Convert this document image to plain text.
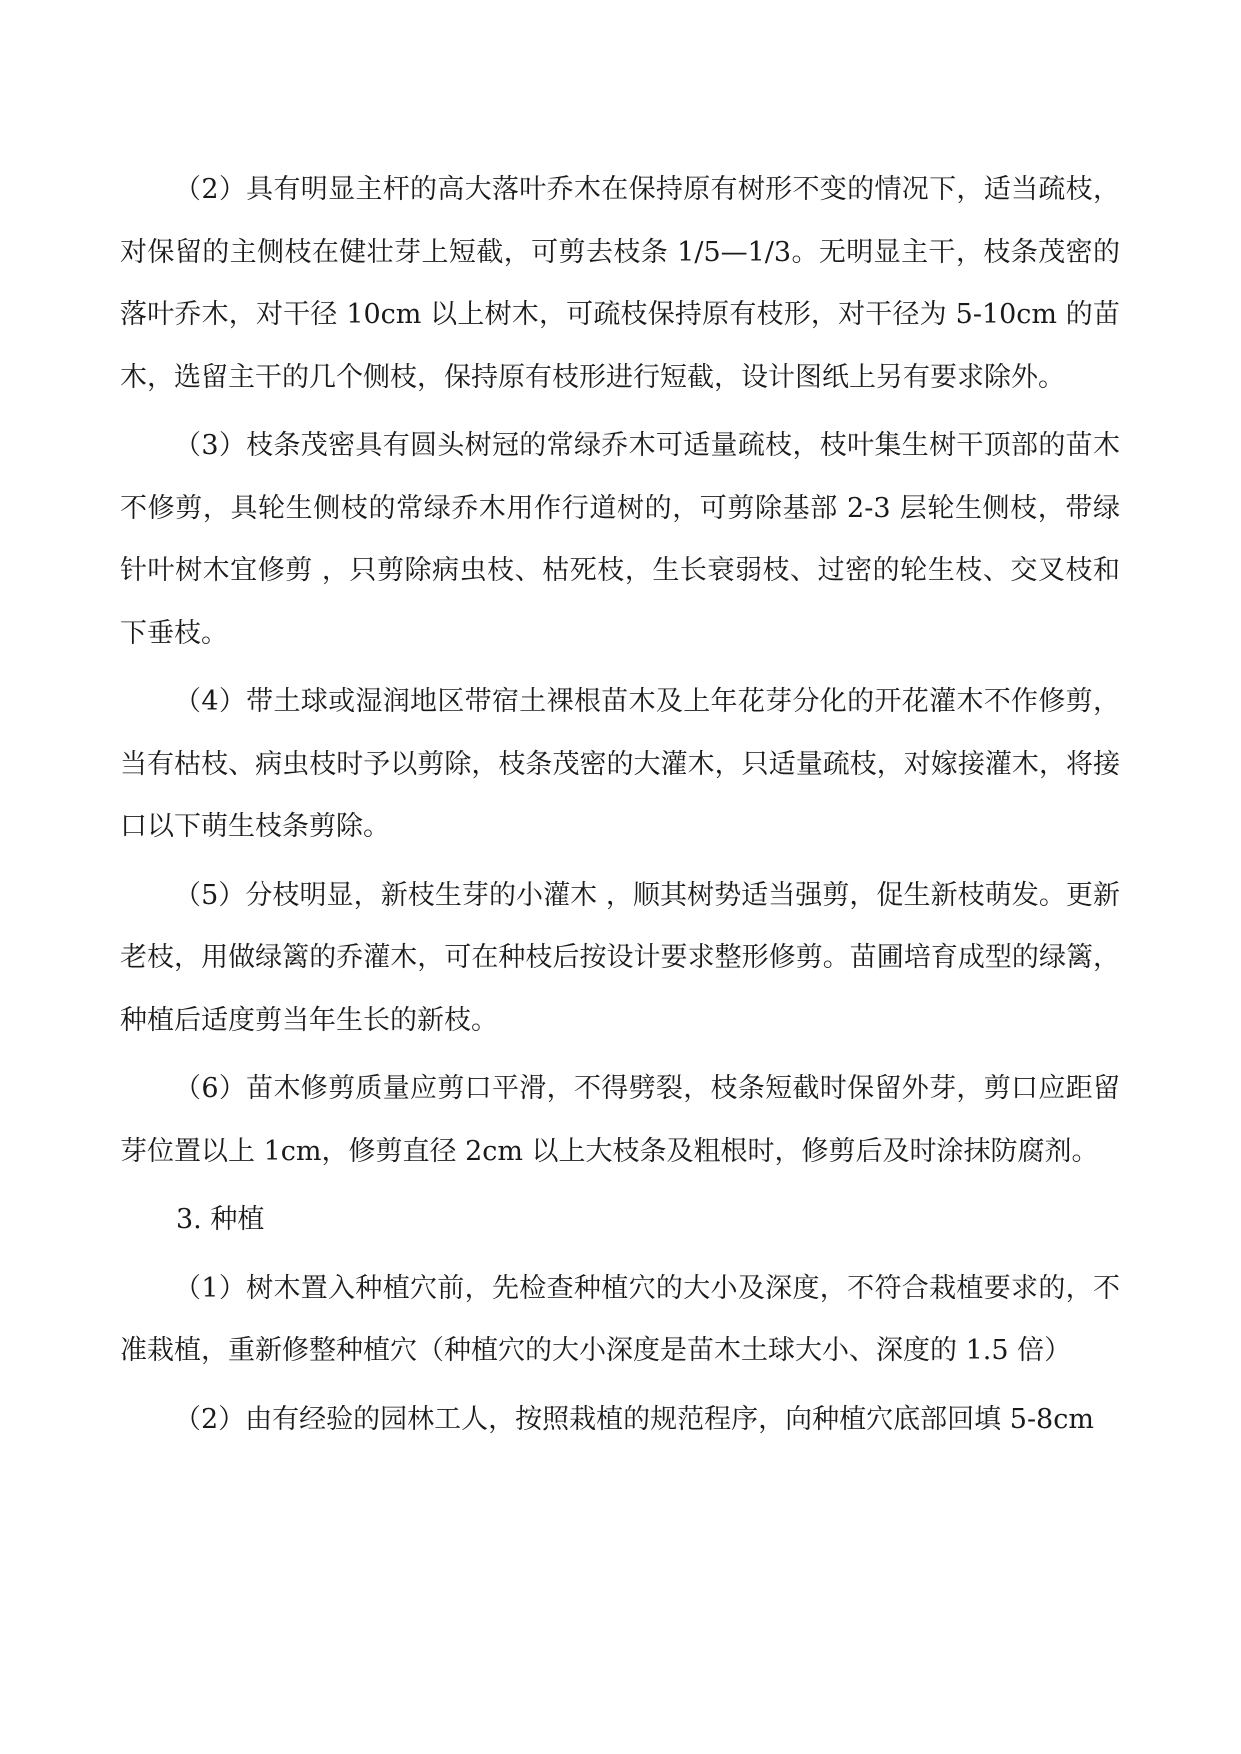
（2）具有明显主杆的高大落叶乔木在保持原有树形不变的情况下，适当疏枝，对保留的主侧枝在健壮芽上短截，可剪去枝条 1/5—1/3。无明显主干，枝条茂密的落叶乔木，对干径 10cm 以上树木，可疏枝保持原有枝形，对干径为 5-10cm 的苗木，选留主干的几个侧枝，保持原有枝形进行短截，设计图纸上另有要求除外。

（3）枝条茂密具有圆头树冠的常绿乔木可适量疏枝，枝叶集生树干顶部的苗木不修剪，具轮生侧枝的常绿乔木用作行道树的，可剪除基部 2-3 层轮生侧枝，带绿针叶树木宜修剪 ，只剪除病虫枝、枯死枝，生长衰弱枝、过密的轮生枝、交叉枝和下垂枝。

（4）带土球或湿润地区带宿土裸根苗木及上年花芽分化的开花灌木不作修剪，当有枯枝、病虫枝时予以剪除，枝条茂密的大灌木，只适量疏枝，对嫁接灌木，将接口以下萌生枝条剪除。

（5）分枝明显，新枝生芽的小灌木 ，顺其树势适当强剪，促生新枝萌发。更新老枝，用做绿篱的乔灌木，可在种枝后按设计要求整形修剪。苗圃培育成型的绿篱，种植后适度剪当年生长的新枝。

（6）苗木修剪质量应剪口平滑，不得劈裂，枝条短截时保留外芽，剪口应距留芽位置以上 1cm，修剪直径 2cm 以上大枝条及粗根时，修剪后及时涂抹防腐剂。

3. 种植

（1）树木置入种植穴前，先检查种植穴的大小及深度，不符合栽植要求的，不准栽植，重新修整种植穴（种植穴的大小深度是苗木土球大小、深度的 1.5 倍）

（2）由有经验的园林工人，按照栽植的规范程序，向种植穴底部回填 5-8cm
